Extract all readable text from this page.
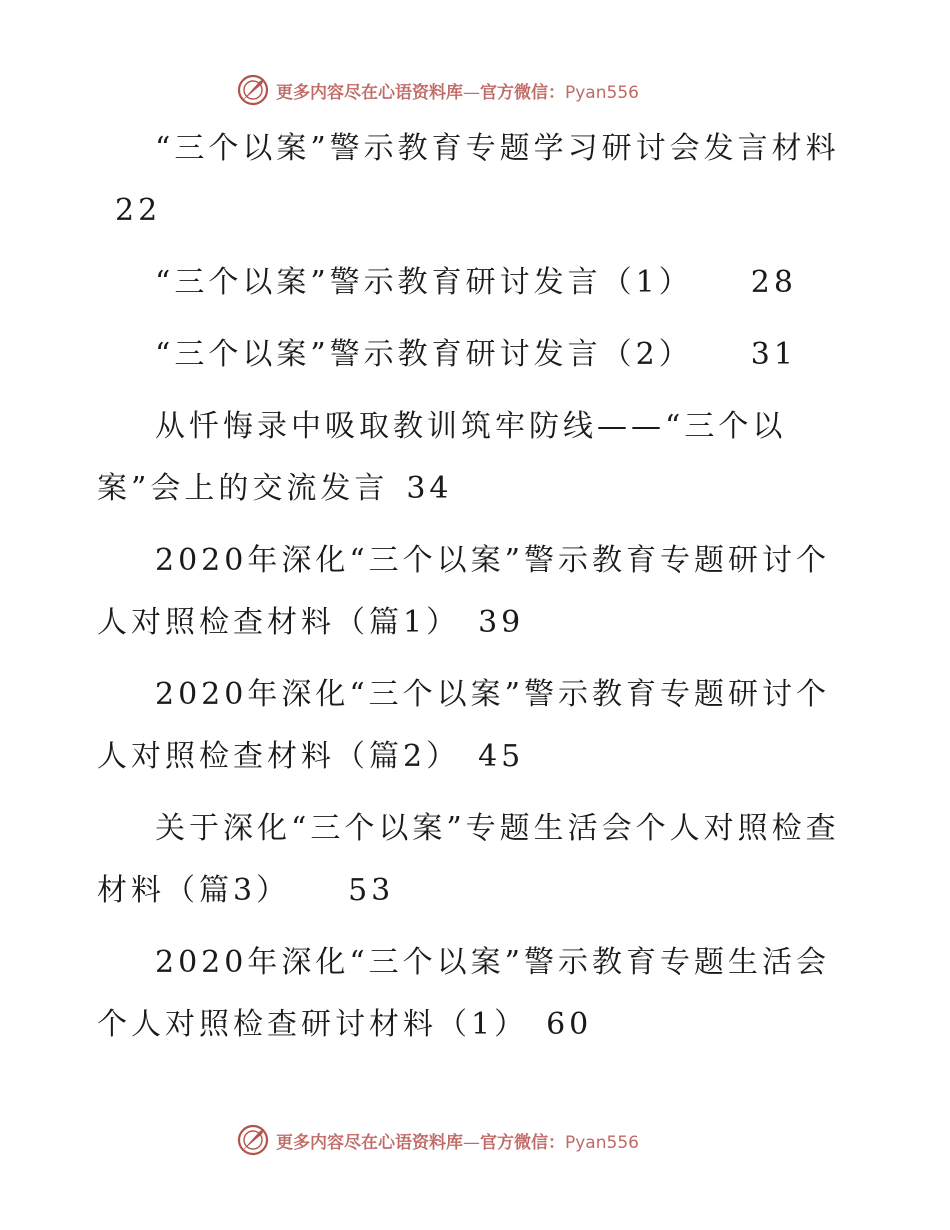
更多内容尽在心语资料库—官方微信：Pyan556

“三个以案”警示教育专题学习研讨会发言材料22

“三个以案”警示教育研讨发言（1） 28

“三个以案”警示教育研讨发言（2） 31

从忏悔录中吸取教训筑牢防线——“三个以案”会上的交流发言 34

2020年深化“三个以案”警示教育专题研讨个人对照检查材料（篇1） 39

2020年深化“三个以案”警示教育专题研讨个人对照检查材料（篇2） 45

关于深化“三个以案”专题生活会个人对照检查材料（篇3） 53

2020年深化“三个以案”警示教育专题生活会个人对照检查研讨材料（1） 60

更多内容尽在心语资料库—官方微信：Pyan556
